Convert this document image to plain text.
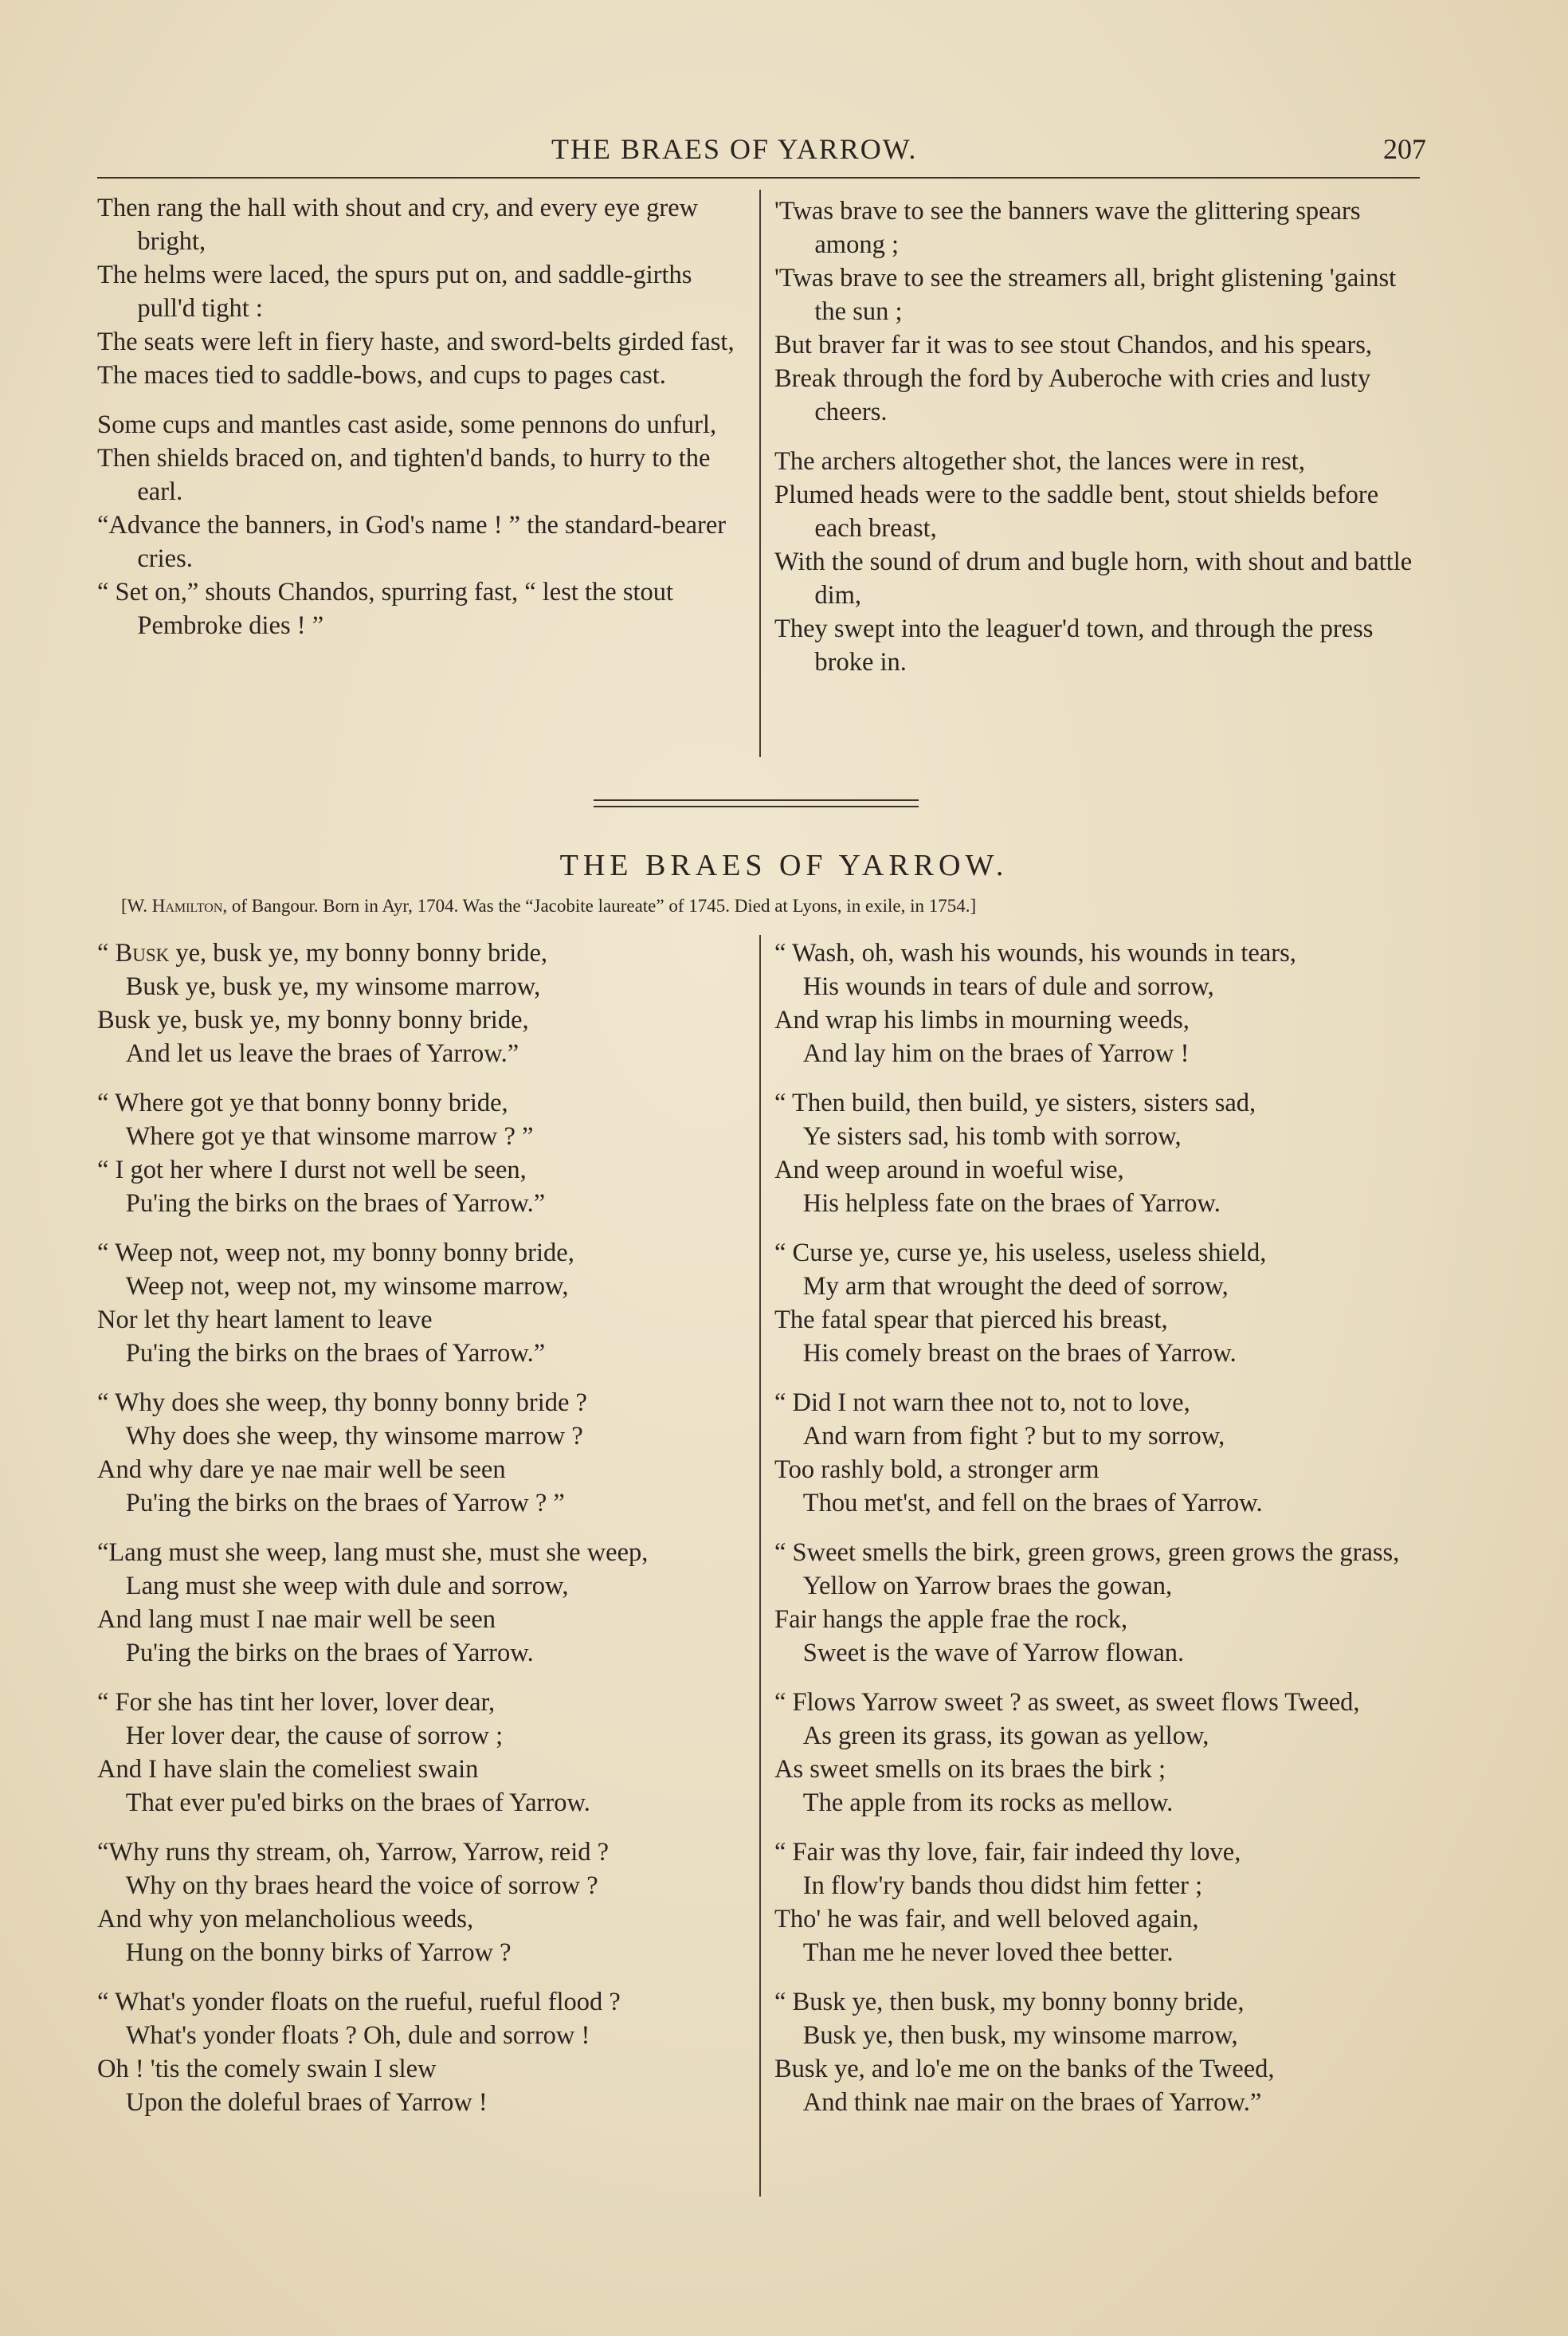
THE BRAES OF YARROW.	207
Then rang the hall with shout and cry, and every eye grew bright,
The helms were laced, the spurs put on, and saddle-girths pull'd tight :
The seats were left in fiery haste, and sword-belts girded fast,
The maces tied to saddle-bows, and cups to pages cast.
Some cups and mantles cast aside, some pennons do unfurl,
Then shields braced on, and tighten'd bands, to hurry to the earl.
“Advance the banners, in God's name ! ” the standard-bearer cries.
“ Set on,” shouts Chandos, spurring fast, “ lest the stout Pembroke dies ! ”
'Twas brave to see the banners wave the glittering spears among ;
'Twas brave to see the streamers all, bright glistening 'gainst the sun ;
But braver far it was to see stout Chandos, and his spears,
Break through the ford by Auberoche with cries and lusty cheers.
The archers altogether shot, the lances were in rest,
Plumed heads were to the saddle bent, stout shields before each breast,
With the sound of drum and bugle horn, with shout and battle dim,
They swept into the leaguer'd town, and through the press broke in.
THE BRAES OF YARROW.
[W. Hamilton, of Bangour. Born in Ayr, 1704. Was the “Jacobite laureate” of 1745. Died at Lyons, in exile, in 1754.]
“ Busk ye, busk ye, my bonny bonny bride,
Busk ye, busk ye, my winsome marrow,
Busk ye, busk ye, my bonny bonny bride,
And let us leave the braes of Yarrow.”
“ Where got ye that bonny bonny bride,
Where got ye that winsome marrow ? ”
“ I got her where I durst not well be seen,
Pu'ing the birks on the braes of Yarrow.”
“ Weep not, weep not, my bonny bonny bride,
Weep not, weep not, my winsome marrow,
Nor let thy heart lament to leave
Pu'ing the birks on the braes of Yarrow.”
“ Why does she weep, thy bonny bonny bride ?
Why does she weep, thy winsome marrow ?
And why dare ye nae mair well be seen
Pu'ing the birks on the braes of Yarrow ? ”
“Lang must she weep, lang must she, must she weep,
Lang must she weep with dule and sorrow,
And lang must I nae mair well be seen
Pu'ing the birks on the braes of Yarrow.
“ For she has tint her lover, lover dear,
Her lover dear, the cause of sorrow ;
And I have slain the comeliest swain
That ever pu'ed birks on the braes of Yarrow.
“Why runs thy stream, oh, Yarrow, Yarrow, reid ?
Why on thy braes heard the voice of sorrow ?
And why yon melancholious weeds,
Hung on the bonny birks of Yarrow ?
“ What's yonder floats on the rueful, rueful flood ?
What's yonder floats ? Oh, dule and sorrow !
Oh ! 'tis the comely swain I slew
Upon the doleful braes of Yarrow !
“ Wash, oh, wash his wounds, his wounds in tears,
His wounds in tears of dule and sorrow,
And wrap his limbs in mourning weeds,
And lay him on the braes of Yarrow !
“ Then build, then build, ye sisters, sisters sad,
Ye sisters sad, his tomb with sorrow,
And weep around in woeful wise,
His helpless fate on the braes of Yarrow.
“ Curse ye, curse ye, his useless, useless shield,
My arm that wrought the deed of sorrow,
The fatal spear that pierced his breast,
His comely breast on the braes of Yarrow.
“ Did I not warn thee not to, not to love,
And warn from fight ? but to my sorrow,
Too rashly bold, a stronger arm
Thou met'st, and fell on the braes of Yarrow.
“ Sweet smells the birk, green grows, green grows the grass,
Yellow on Yarrow braes the gowan,
Fair hangs the apple frae the rock,
Sweet is the wave of Yarrow flowan.
“ Flows Yarrow sweet ? as sweet, as sweet flows Tweed,
As green its grass, its gowan as yellow,
As sweet smells on its braes the birk ;
The apple from its rocks as mellow.
“ Fair was thy love, fair, fair indeed thy love,
In flow'ry bands thou didst him fetter ;
Tho' he was fair, and well beloved again,
Than me he never loved thee better.
“ Busk ye, then busk, my bonny bonny bride,
Busk ye, then busk, my winsome marrow,
Busk ye, and lo'e me on the banks of the Tweed,
And think nae mair on the braes of Yarrow.”
